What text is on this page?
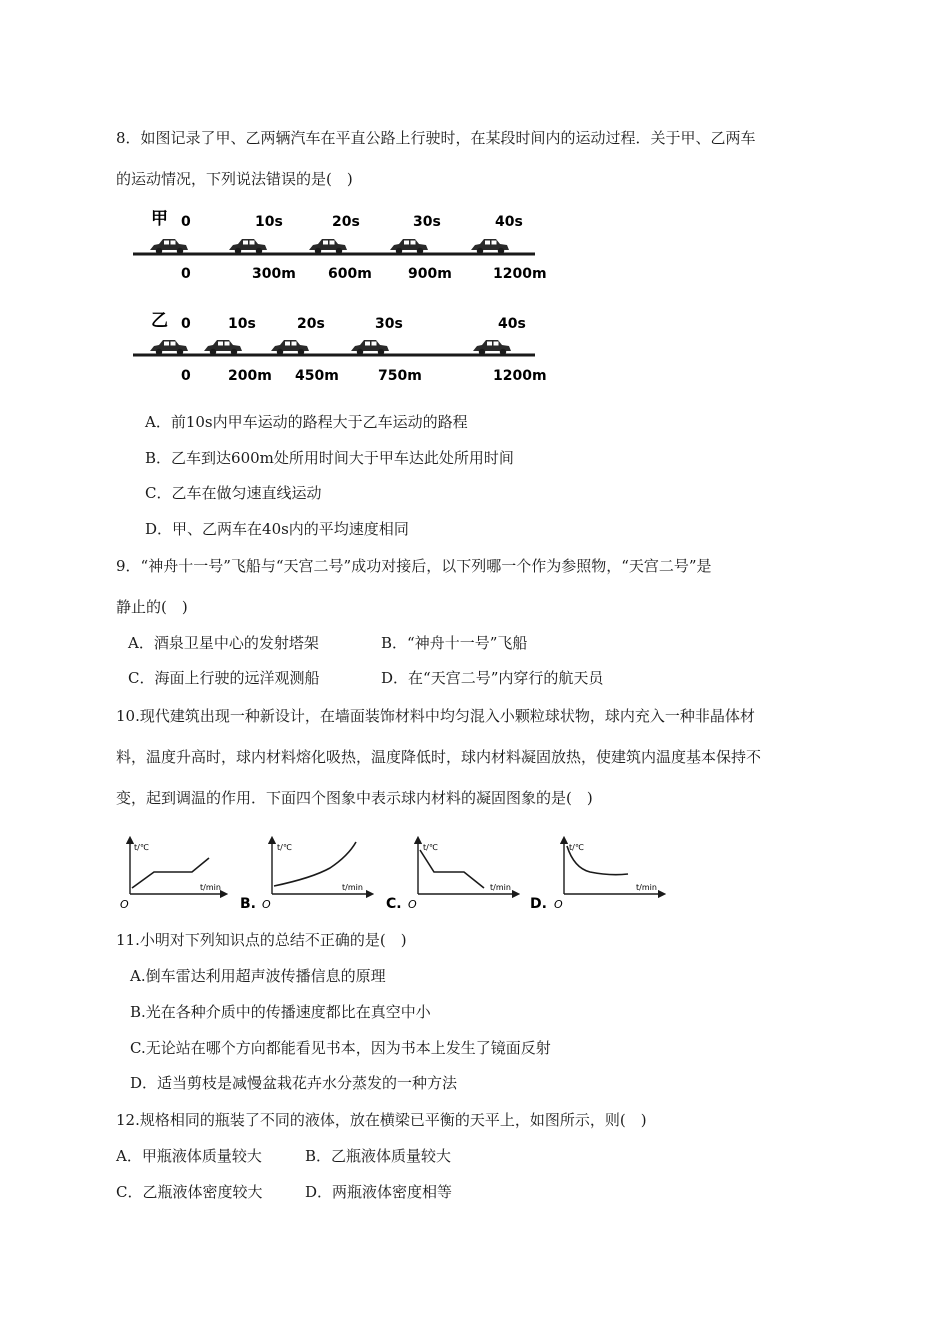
8．如图记录了甲、乙两辆汽车在平直公路上行驶时，在某段时间内的运动过程．关于甲、乙两车
的运动情况，下列说法错误的是(　)
甲 0	10s	20s	30s	40s
0	300m 600m	900m	1200m
乙 0	10s	20s	30s	40s
0	200m 450m	750m	1200m
A．前10s内甲车运动的路程大于乙车运动的路程
B．乙车到达600m处所用时间大于甲车达此处所用时间
C．乙车在做匀速直线运动
D．甲、乙两车在40s内的平均速度相同
9．“神舟十一号”飞船与“天宫二号”成功对接后，以下列哪一个作为参照物，“天宫二号”是
静止的(　)
A．酒泉卫星中心的发射塔架	B．“神舟十一号”飞船
C．海面上行驶的远洋观测船	D．在“天宫二号”内穿行的航天员
10.现代建筑出现一种新设计，在墙面装饰材料中均匀混入小颗粒球状物，球内充入一种非晶体材
料，温度升高时，球内材料熔化吸热，温度降低时，球内材料凝固放热，使建筑内温度基本保持不
变，起到调温的作用．下面四个图象中表示球内材料的凝固图象的是(　)
t/℃
t/min
O	B.
t/℃
t/min
O	C.
t/℃
t/min
O	D.
t/℃
t/min
O
11.小明对下列知识点的总结不正确的是(　)
A.倒车雷达利用超声波传播信息的原理
B.光在各种介质中的传播速度都比在真空中小
C.无论站在哪个方向都能看见书本，因为书本上发生了镜面反射
D．适当剪枝是减慢盆栽花卉水分蒸发的一种方法
12.规格相同的瓶装了不同的液体，放在横梁已平衡的天平上，如图所示，则(　)
A．甲瓶液体质量较大	B．乙瓶液体质量较大
C．乙瓶液体密度较大	D．两瓶液体密度相等
